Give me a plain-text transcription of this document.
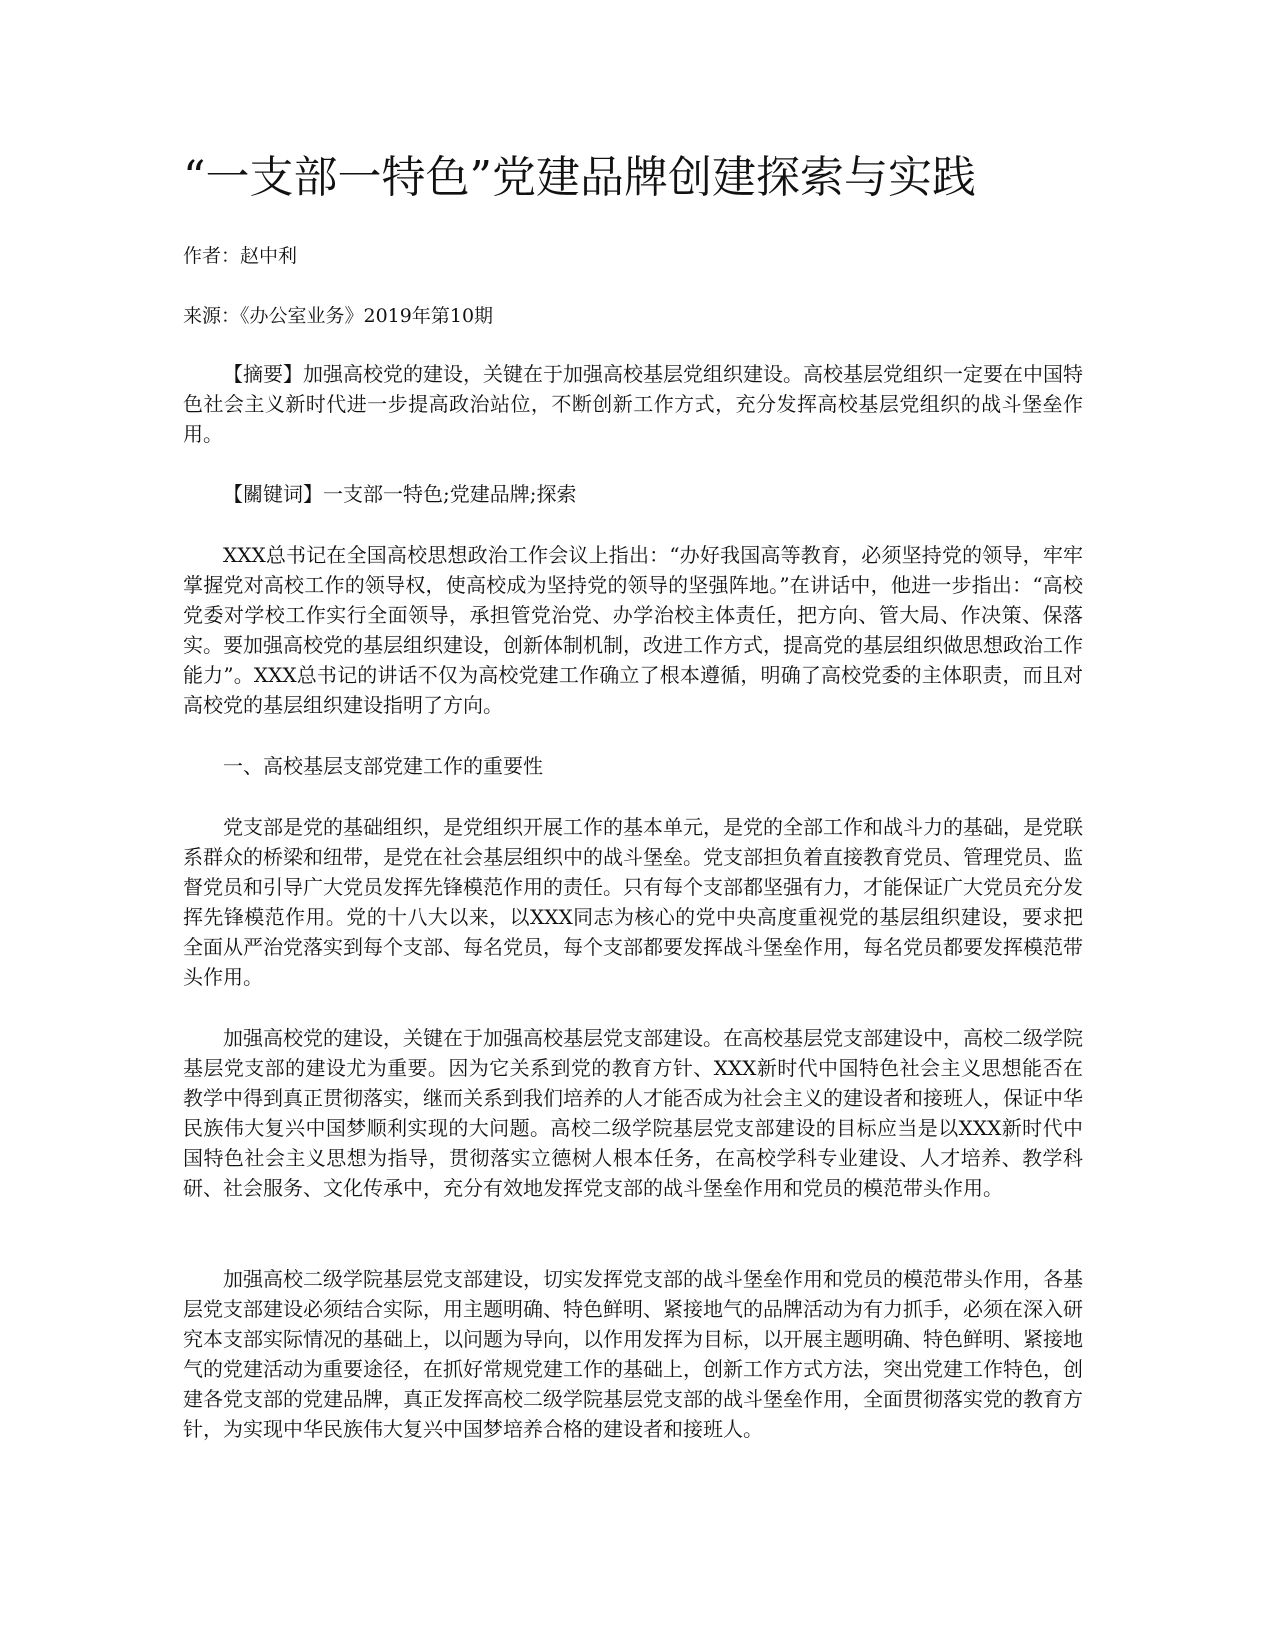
“一支部一特色”党建品牌创建探索与实践

作者：赵中利

来源：《办公室业务》2019年第10期

【摘要】加强高校党的建设，关键在于加强高校基层党组织建设。高校基层党组织一定要在中国特色社会主义新时代进一步提高政治站位，不断创新工作方式，充分发挥高校基层党组织的战斗堡垒作用。

【關键词】一支部一特色;党建品牌;探索

XXX总书记在全国高校思想政治工作会议上指出：“办好我国高等教育，必须坚持党的领导，牢牢掌握党对高校工作的领导权，使高校成为坚持党的领导的坚强阵地。”在讲话中，他进一步指出：“高校党委对学校工作实行全面领导，承担管党治党、办学治校主体责任，把方向、管大局、作决策、保落实。要加强高校党的基层组织建设，创新体制机制，改进工作方式，提高党的基层组织做思想政治工作能力”。XXX总书记的讲话不仅为高校党建工作确立了根本遵循，明确了高校党委的主体职责，而且对高校党的基层组织建设指明了方向。

一、高校基层支部党建工作的重要性

党支部是党的基础组织，是党组织开展工作的基本单元，是党的全部工作和战斗力的基础，是党联系群众的桥梁和纽带，是党在社会基层组织中的战斗堡垒。党支部担负着直接教育党员、管理党员、监督党员和引导广大党员发挥先锋模范作用的责任。只有每个支部都坚强有力，才能保证广大党员充分发挥先锋模范作用。党的十八大以来，以XXX同志为核心的党中央高度重视党的基层组织建设，要求把全面从严治党落实到每个支部、每名党员，每个支部都要发挥战斗堡垒作用，每名党员都要发挥模范带头作用。

加强高校党的建设，关键在于加强高校基层党支部建设。在高校基层党支部建设中，高校二级学院基层党支部的建设尤为重要。因为它关系到党的教育方针、XXX新时代中国特色社会主义思想能否在教学中得到真正贯彻落实，继而关系到我们培养的人才能否成为社会主义的建设者和接班人，保证中华民族伟大复兴中国梦顺利实现的大问题。高校二级学院基层党支部建设的目标应当是以XXX新时代中国特色社会主义思想为指导，贯彻落实立德树人根本任务，在高校学科专业建设、人才培养、教学科研、社会服务、文化传承中，充分有效地发挥党支部的战斗堡垒作用和党员的模范带头作用。

加强高校二级学院基层党支部建设，切实发挥党支部的战斗堡垒作用和党员的模范带头作用，各基层党支部建设必须结合实际，用主题明确、特色鲜明、紧接地气的品牌活动为有力抓手，必须在深入研究本支部实际情况的基础上，以问题为导向，以作用发挥为目标，以开展主题明确、特色鲜明、紧接地气的党建活动为重要途径，在抓好常规党建工作的基础上，创新工作方式方法，突出党建工作特色，创建各党支部的党建品牌，真正发挥高校二级学院基层党支部的战斗堡垒作用，全面贯彻落实党的教育方针，为实现中华民族伟大复兴中国梦培养合格的建设者和接班人。
